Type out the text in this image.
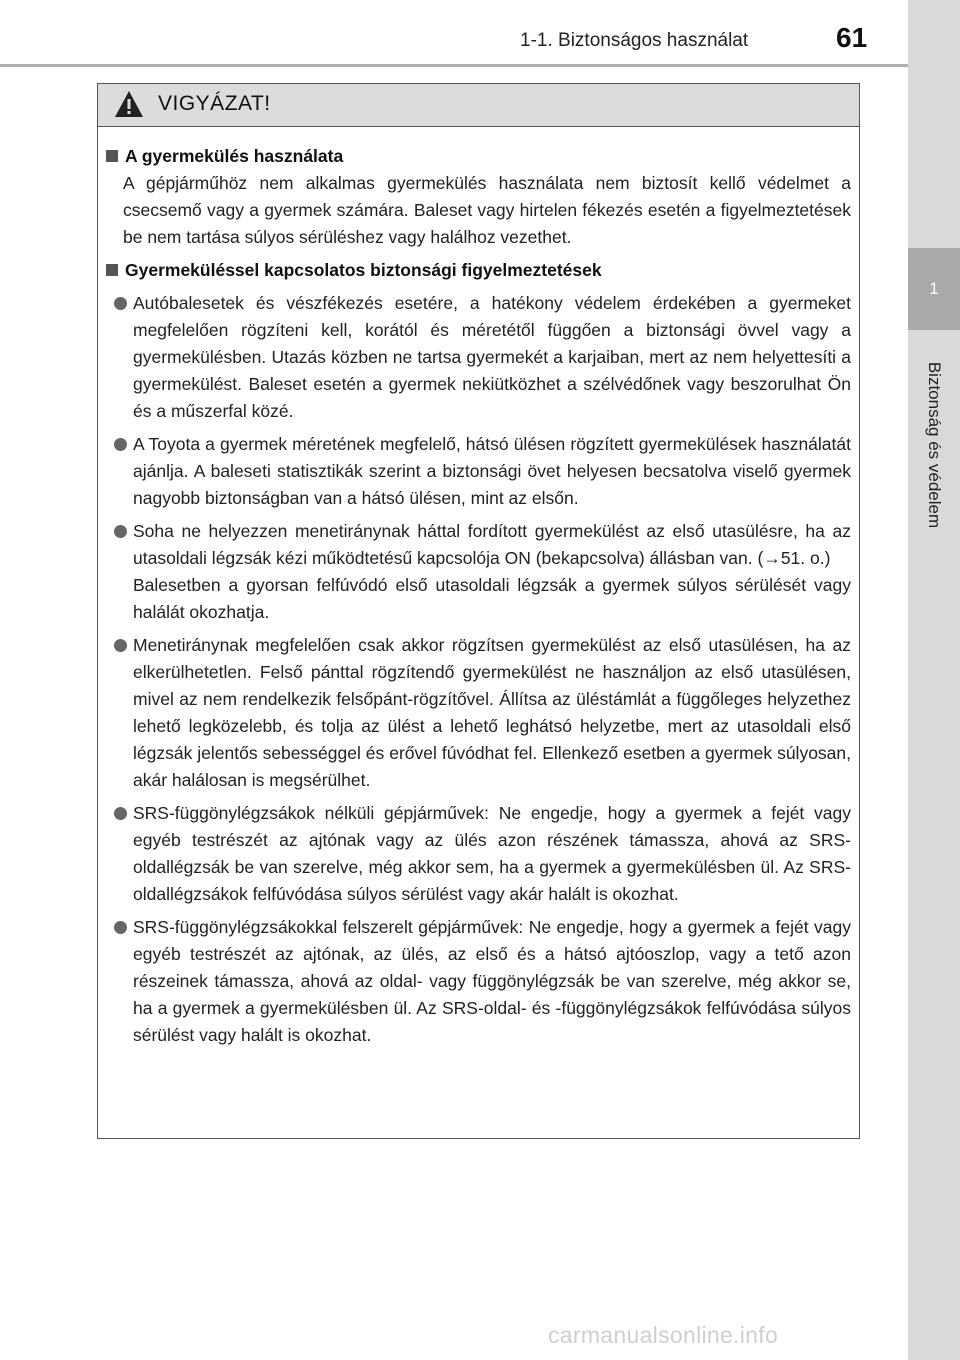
1-1. Biztonságos használat	61
1
Biztonság és védelem
VIGYÁZAT!
A gyermekülés használata
A gépjárműhöz nem alkalmas gyermekülés használata nem biztosít kellő védelmet a csecsemő vagy a gyermek számára. Baleset vagy hirtelen fékezés esetén a figyelmeztetések be nem tartása súlyos sérüléshez vagy halálhoz vezethet.
Gyermeküléssel kapcsolatos biztonsági figyelmeztetések

Autóbalesetek és vészfékezés esetére, a hatékony védelem érdekében a gyermeket megfelelően rögzíteni kell, korától és méretétől függően a biztonsági övvel vagy a gyermekülésben. Utazás közben ne tartsa gyermekét a karjaiban, mert az nem helyettesíti a gyermekülést. Baleset esetén a gyermek nekiütközhet a szélvédőnek vagy beszorulhat Ön és a műszerfal közé.

A Toyota a gyermek méretének megfelelő, hátsó ülésen rögzített gyermekülések használatát ajánlja. A baleseti statisztikák szerint a biztonsági övet helyesen becsatolva viselő gyermek nagyobb biztonságban van a hátsó ülésen, mint az elsőn.

Soha ne helyezzen menetiránynak háttal fordított gyermekülést az első utasülésre, ha az utasoldali légzsák kézi működtetésű kapcsolója ON (bekapcsolva) állásban van. (→51. o.)

Balesetben a gyorsan felfúvódó első utasoldali légzsák a gyermek súlyos sérülését vagy halálát okozhatja.

Menetiránynak megfelelően csak akkor rögzítsen gyermekülést az első utasülésen, ha az elkerülhetetlen. Felső pánttal rögzítendő gyermekülést ne használjon az első utasülésen, mivel az nem rendelkezik felsőpánt-rögzítővel. Állítsa az üléstámlát a függőleges helyzethez lehető legközelebb, és tolja az ülést a lehető leghátsó helyzetbe, mert az utasoldali első légzsák jelentős sebességgel és erővel fúvódhat fel. Ellenkező esetben a gyermek súlyosan, akár halálosan is megsérülhet.

SRS-függönylégzsákok nélküli gépjárművek: Ne engedje, hogy a gyermek a fejét vagy egyéb testrészét az ajtónak vagy az ülés azon részének támassza, ahová az SRS-oldallégzsák be van szerelve, még akkor sem, ha a gyermek a gyermekülésben ül. Az SRS-oldallégzsákok felfúvódása súlyos sérülést vagy akár halált is okozhat.

SRS-függönylégzsákokkal felszerelt gépjárművek: Ne engedje, hogy a gyermek a fejét vagy egyéb testrészét az ajtónak, az ülés, az első és a hátsó ajtóoszlop, vagy a tető azon részeinek támassza, ahová az oldal- vagy függönylégzsák be van szerelve, még akkor se, ha a gyermek a gyermekülésben ül. Az SRS-oldal- és -függönylégzsákok felfúvódása súlyos sérülést vagy halált is okozhat.

carmanualsonline.info
